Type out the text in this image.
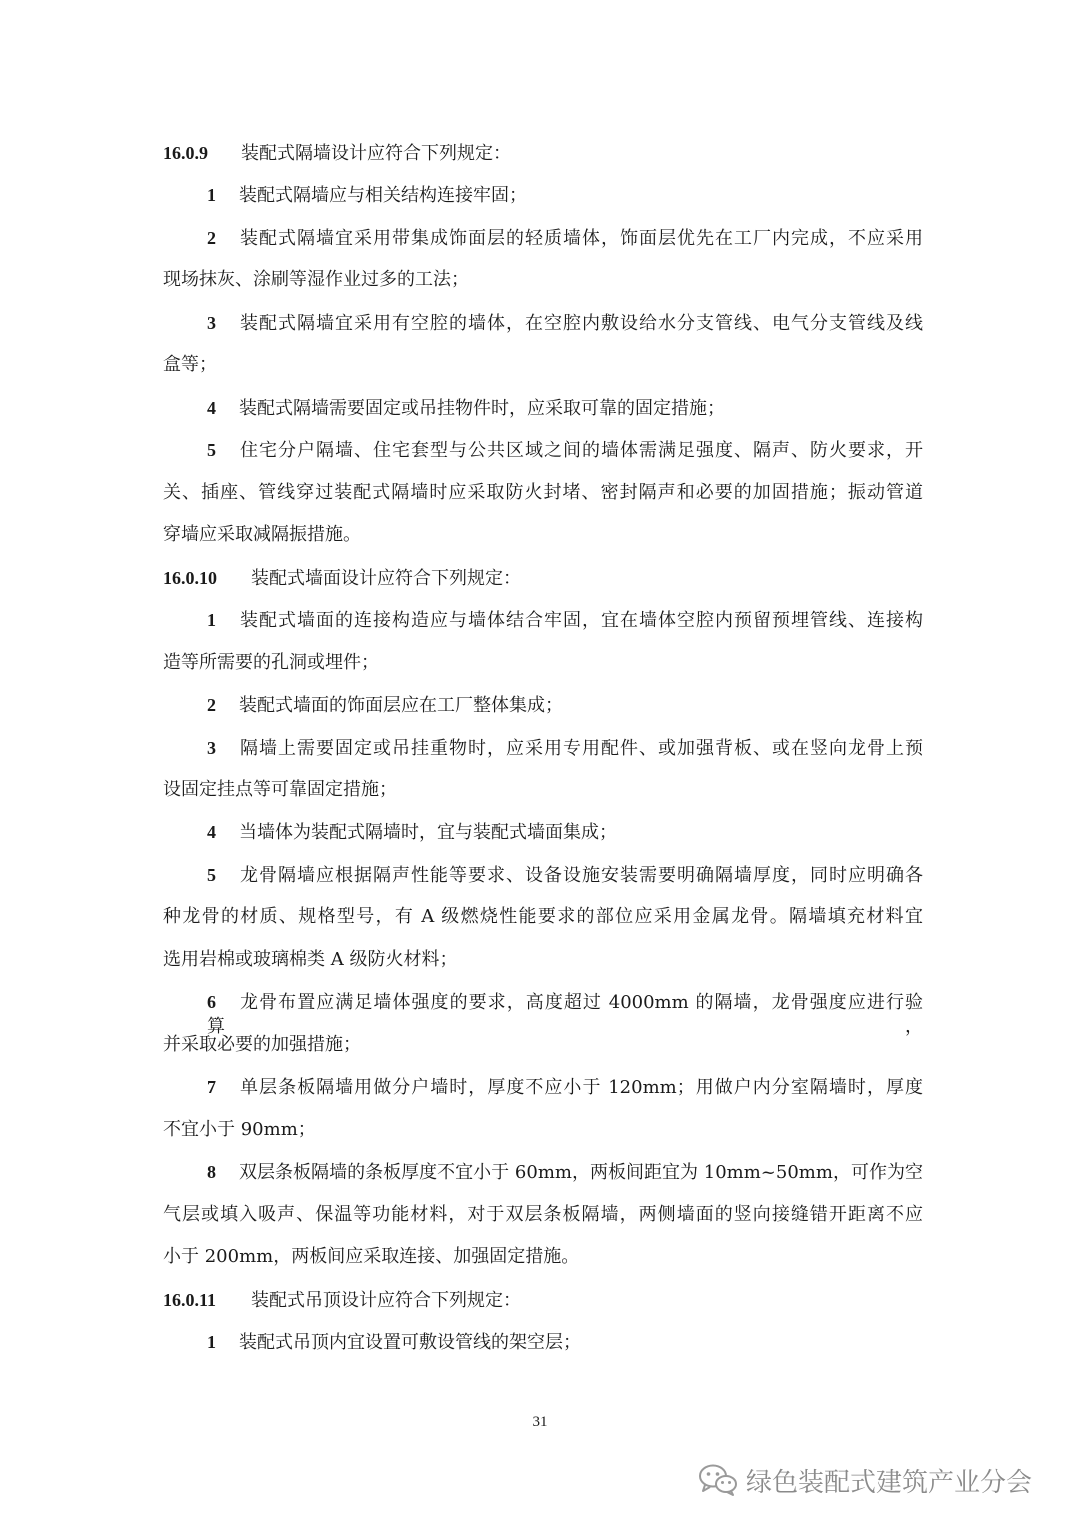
16.0.9 装配式隔墙设计应符合下列规定：
1 装配式隔墙应与相关结构连接牢固；
2 装配式隔墙宜采用带集成饰面层的轻质墙体，饰面层优先在工厂内完成，不应采用
现场抹灰、涂刷等湿作业过多的工法；
3 装配式隔墙宜采用有空腔的墙体，在空腔内敷设给水分支管线、电气分支管线及线
盒等；
4 装配式隔墙需要固定或吊挂物件时，应采取可靠的固定措施；
5 住宅分户隔墙、住宅套型与公共区域之间的墙体需满足强度、隔声、防火要求，开
关、插座、管线穿过装配式隔墙时应采取防火封堵、密封隔声和必要的加固措施；振动管道
穿墙应采取减隔振措施。
16.0.10 装配式墙面设计应符合下列规定：
1 装配式墙面的连接构造应与墙体结合牢固，宜在墙体空腔内预留预埋管线、连接构
造等所需要的孔洞或埋件；
2 装配式墙面的饰面层应在工厂整体集成；
3 隔墙上需要固定或吊挂重物时，应采用专用配件、或加强背板、或在竖向龙骨上预
设固定挂点等可靠固定措施；
4 当墙体为装配式隔墙时，宜与装配式墙面集成；
5 龙骨隔墙应根据隔声性能等要求、设备设施安装需要明确隔墙厚度，同时应明确各
种龙骨的材质、规格型号，有 A 级燃烧性能要求的部位应采用金属龙骨。隔墙填充材料宜
选用岩棉或玻璃棉类 A 级防火材料；
6 龙骨布置应满足墙体强度的要求，高度超过 4000mm 的隔墙，龙骨强度应进行验算，
并采取必要的加强措施；
7 单层条板隔墙用做分户墙时，厚度不应小于 120mm；用做户内分室隔墙时，厚度
不宜小于 90mm；
8 双层条板隔墙的条板厚度不宜小于 60mm，两板间距宜为 10mm~50mm，可作为空
气层或填入吸声、保温等功能材料，对于双层条板隔墙，两侧墙面的竖向接缝错开距离不应
小于 200mm，两板间应采取连接、加强固定措施。
16.0.11 装配式吊顶设计应符合下列规定：
1 装配式吊顶内宜设置可敷设管线的架空层；
31
绿色装配式建筑产业分会
